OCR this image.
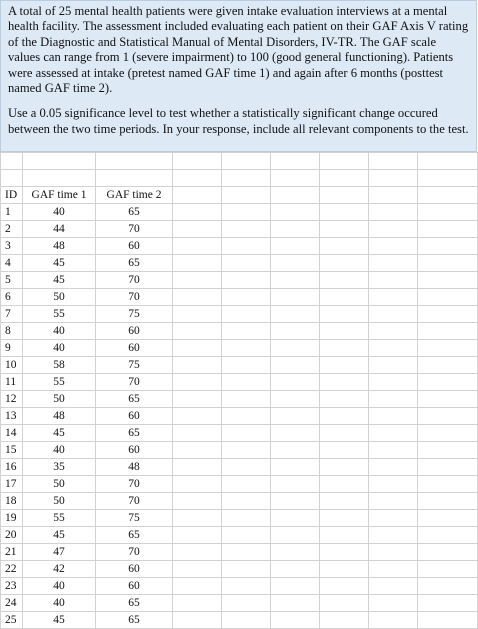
A total of 25 mental health patients were given intake evaluation interviews at a mental health facility. The assessment included evaluating each patient on their GAF Axis V rating of the Diagnostic and Statistical Manual of Mental Disorders, IV-TR. The GAF scale values can range from 1 (severe impairment) to 100 (good general functioning). Patients were assessed at intake (pretest named GAF time 1) and again after 6 months (posttest named GAF time 2).

Use a 0.05 significance level to test whether a statistically significant change occured between the two time periods. In your response, include all relevant components to the test.

ID	GAF time 1	GAF time 2						
1	40	65						
2	44	70						
3	48	60						
4	45	65						
5	45	70						
6	50	70						
7	55	75						
8	40	60						
9	40	60						
10	58	75						
11	55	70						
12	50	65						
13	48	60						
14	45	65						
15	40	60						
16	35	48						
17	50	70						
18	50	70						
19	55	75						
20	45	65						
21	47	70						
22	42	60						
23	40	60						
24	40	65						
25	45	65						
